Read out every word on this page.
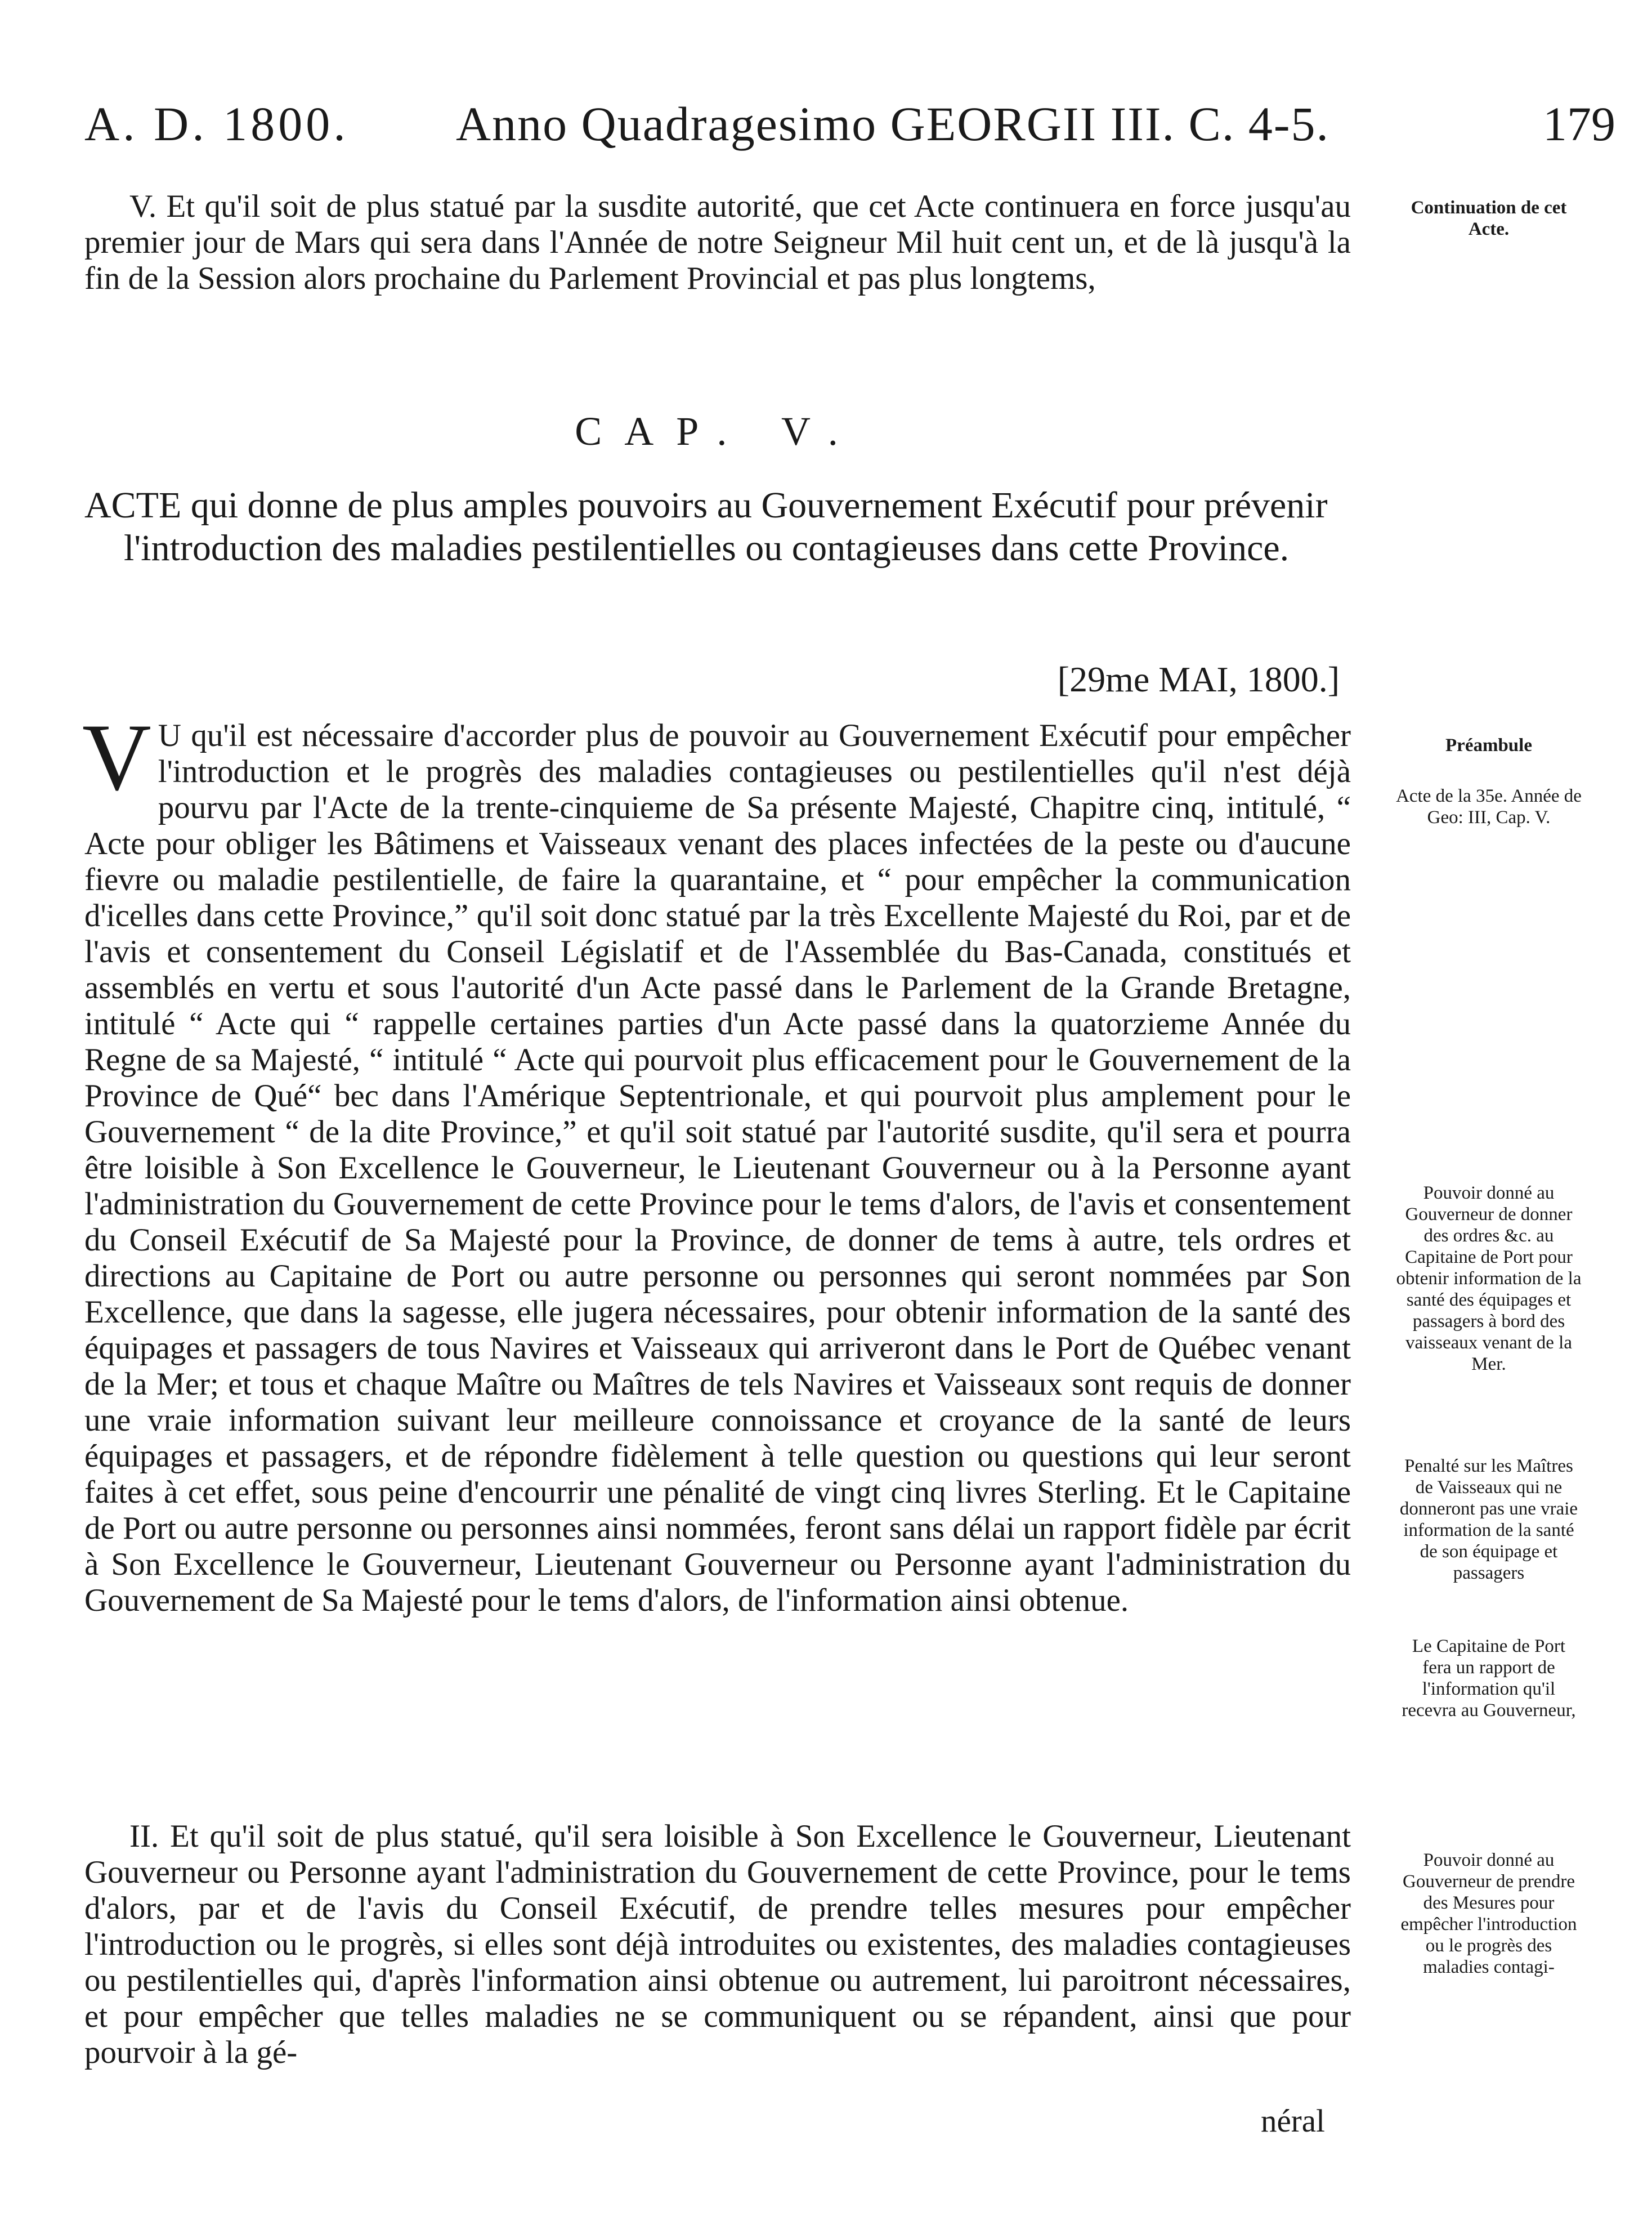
A. D. 1800. Anno Quadragesimo GEORGII III. C. 4-5.	179

V. Et qu'il soit de plus statué par la susdite autorité, que cet Acte continuera en force jusqu'au premier jour de Mars qui sera dans l'Année de notre Seigneur Mil huit cent un, et de là jusqu'à la fin de la Session alors prochaine du Parlement Provincial et pas plus longtems,

Continuation de cet Acte.
CAP. V.
ACTE qui donne de plus amples pouvoirs au Gouvernement Exécutif pour prévenir l'introduction des maladies pestilentielles ou contagieuses dans cette Province.
[29me MAI, 1800.]
V U qu'il est nécessaire d'accorder plus de pouvoir au Gouvernement Exécutif pour empêcher l'introduction et le progrès des maladies contagieuses ou pestilentielles qu'il n'est déjà pourvu par l'Acte de la trente-cinquieme de Sa présente Majesté, Chapitre cinq, intitulé, “ Acte pour obliger les Bâtimens et Vaisseaux venant des places infectées de la peste ou d'aucune fievre ou maladie pestilentielle, de faire la quarantaine, et “ pour empêcher la communication d'icelles dans cette Province,” qu'il soit donc statué par la très Excellente Majesté du Roi, par et de l'avis et consentement du Conseil Législatif et de l'Assemblée du Bas-Canada, constitués et assemblés en vertu et sous l'autorité d'un Acte passé dans le Parlement de la Grande Bretagne, intitulé “ Acte qui “ rappelle certaines parties d'un Acte passé dans la quatorzieme Année du Regne de sa Majesté, “ intitulé “ Acte qui pourvoit plus efficacement pour le Gouvernement de la Province de Qué“ bec dans l'Amérique Septentrionale, et qui pourvoit plus amplement pour le Gouvernement “ de la dite Province,” et qu'il soit statué par l'autorité susdite, qu'il sera et pourra être loisible à Son Excellence le Gouverneur, le Lieutenant Gouverneur ou à la Personne ayant l'administration du Gouvernement de cette Province pour le tems d'alors, de l'avis et consentement du Conseil Exécutif de Sa Majesté pour la Province, de donner de tems à autre, tels ordres et directions au Capitaine de Port ou autre personne ou personnes qui seront nommées par Son Excellence, que dans la sagesse, elle jugera nécessaires, pour obtenir information de la santé des équipages et passagers de tous Navires et Vaisseaux qui arriveront dans le Port de Québec venant de la Mer; et tous et chaque Maître ou Maîtres de tels Navires et Vaisseaux sont requis de donner une vraie information suivant leur meilleure connoissance et croyance de la santé de leurs équipages et passagers, et de répondre fidèlement à telle question ou questions qui leur seront faites à cet effet, sous peine d'encourrir une pénalité de vingt cinq livres Sterling. Et le Capitaine de Port ou autre personne ou personnes ainsi nommées, feront sans délai un rapport fidèle par écrit à Son Excellence le Gouverneur, Lieutenant Gouverneur ou Personne ayant l'administration du Gouvernement de Sa Majesté pour le tems d'alors, de l'information ainsi obtenue.

Préambule
Acte de la 35e. Année de Geo: III, Cap. V.
Pouvoir donné au Gouverneur de donner des ordres &c. au Capitaine de Port pour obtenir information de la santé des équipages et passagers à bord des vaisseaux venant de la Mer.
Penalté sur les Maîtres de Vaisseaux qui ne donneront pas une vraie information de la santé de son équipage et passagers
Le Capitaine de Port fera un rapport de l'information qu'il recevra au Gouverneur,

II. Et qu'il soit de plus statué, qu'il sera loisible à Son Excellence le Gouverneur, Lieutenant Gouverneur ou Personne ayant l'administration du Gouvernement de cette Province, pour le tems d'alors, par et de l'avis du Conseil Exécutif, de prendre telles mesures pour empêcher l'introduction ou le progrès, si elles sont déjà introduites ou existentes, des maladies contagieuses ou pestilentielles qui, d'après l'information ainsi obtenue ou autrement, lui paroitront nécessaires, et pour empêcher que telles maladies ne se communiquent ou se répandent, ainsi que pour pourvoir à la gé-

Pouvoir donné au Gouverneur de prendre des Mesures pour empêcher l'introduction ou le progrès des maladies contagi-
néral
